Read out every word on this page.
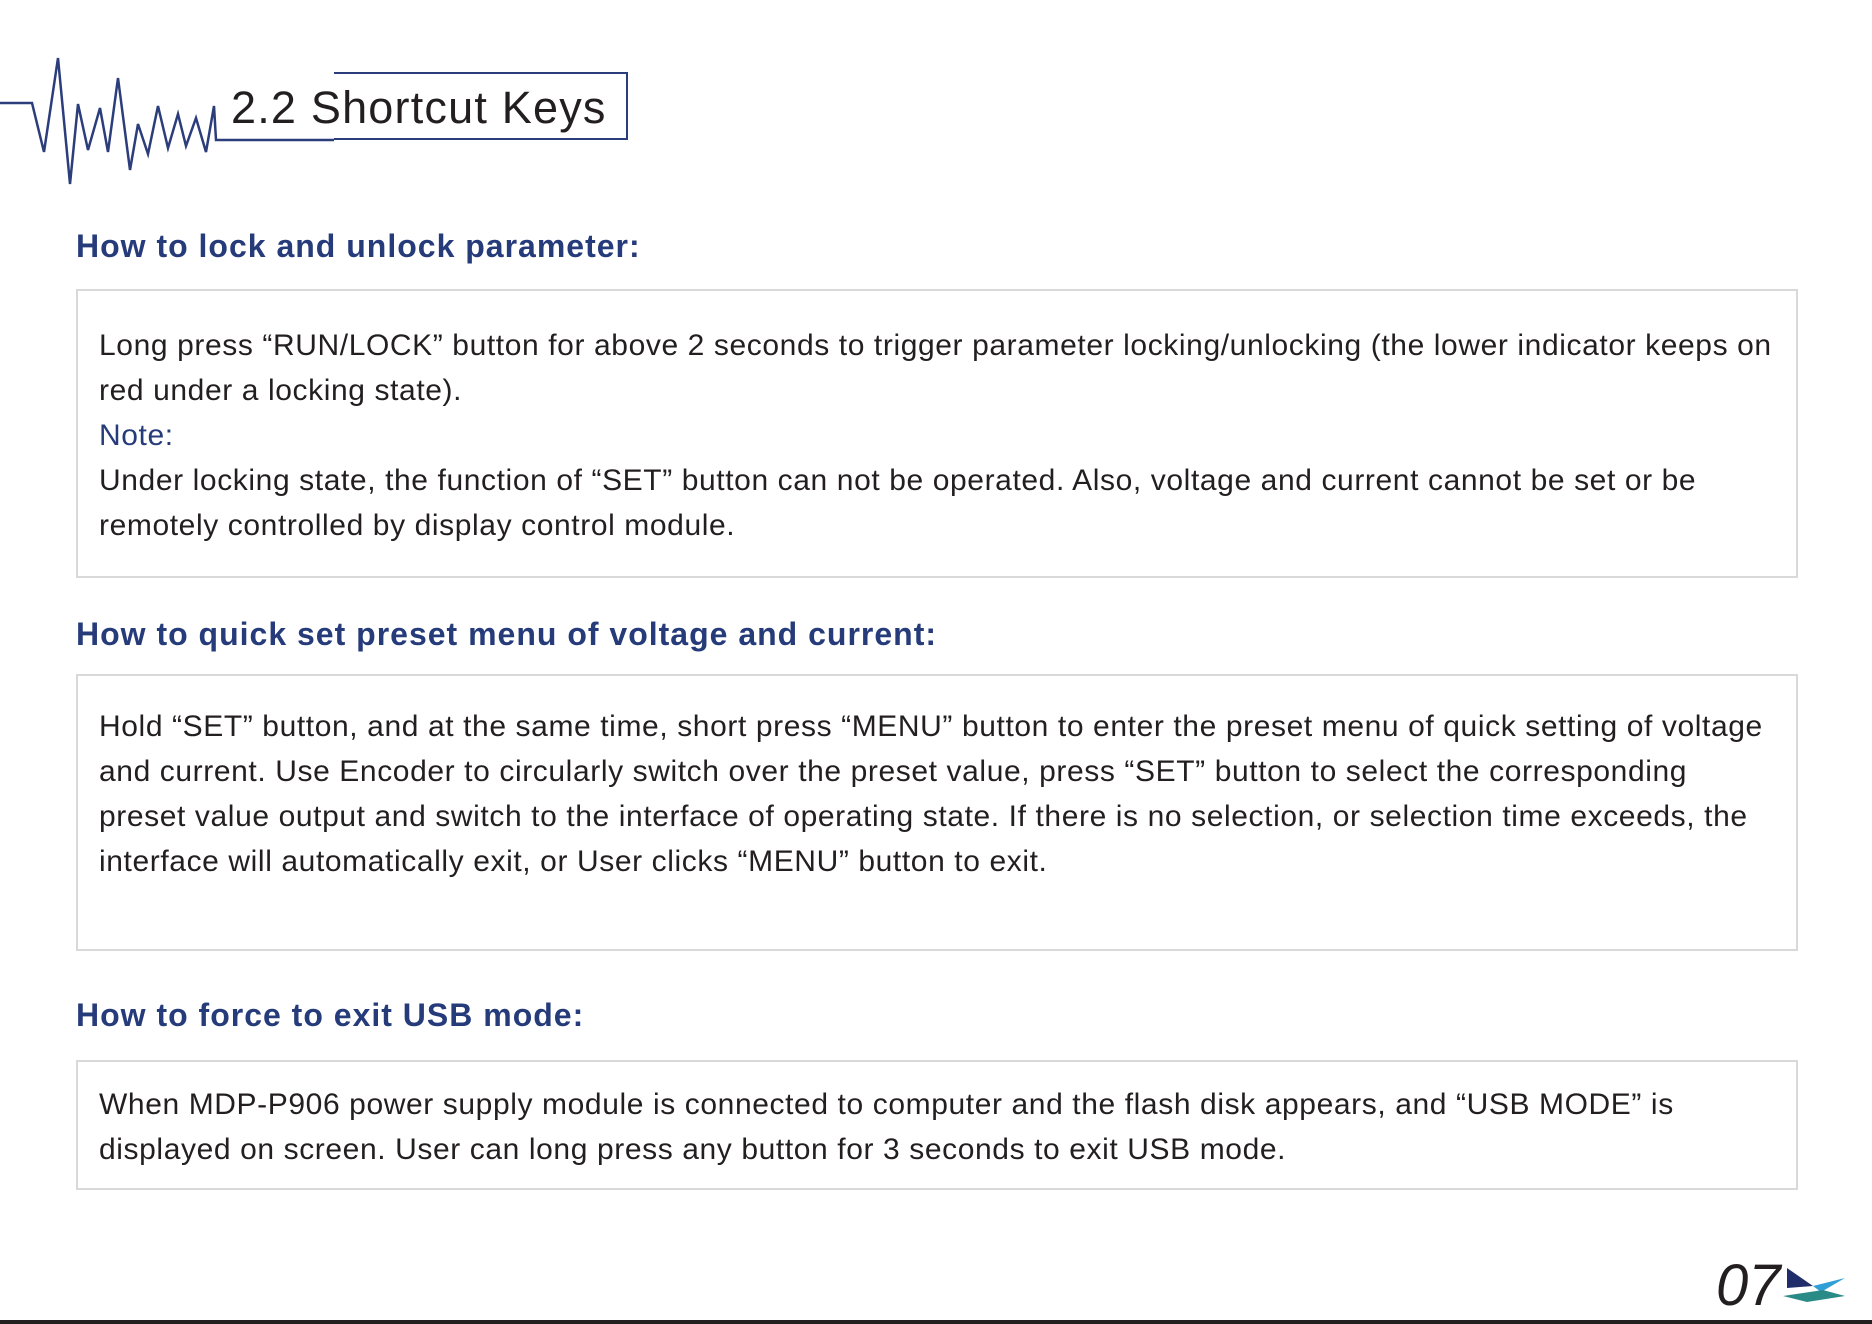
2.2 Shortcut Keys
How to lock and unlock parameter:

Long press “RUN/LOCK” button for above 2 seconds to trigger parameter locking/unlocking (the lower indicator keeps on red under a locking state).

Note:

Under locking state, the function of “SET” button can not be operated. Also, voltage and current cannot be set or be remotely controlled by display control module.

How to quick set preset menu of voltage and current:

Hold “SET” button, and at the same time, short press “MENU” button to enter the preset menu of quick setting of voltage and current. Use Encoder to circularly switch over the preset value, press “SET” button to select the corresponding preset value output and switch to the interface of operating state. If there is no selection, or selection time exceeds, the interface will automatically exit, or User clicks “MENU” button to exit.

How to force to exit USB mode:

When MDP-P906 power supply module is connected to computer and the flash disk appears, and “USB MODE” is displayed on screen. User can long press any button for 3 seconds to exit USB mode.

07
